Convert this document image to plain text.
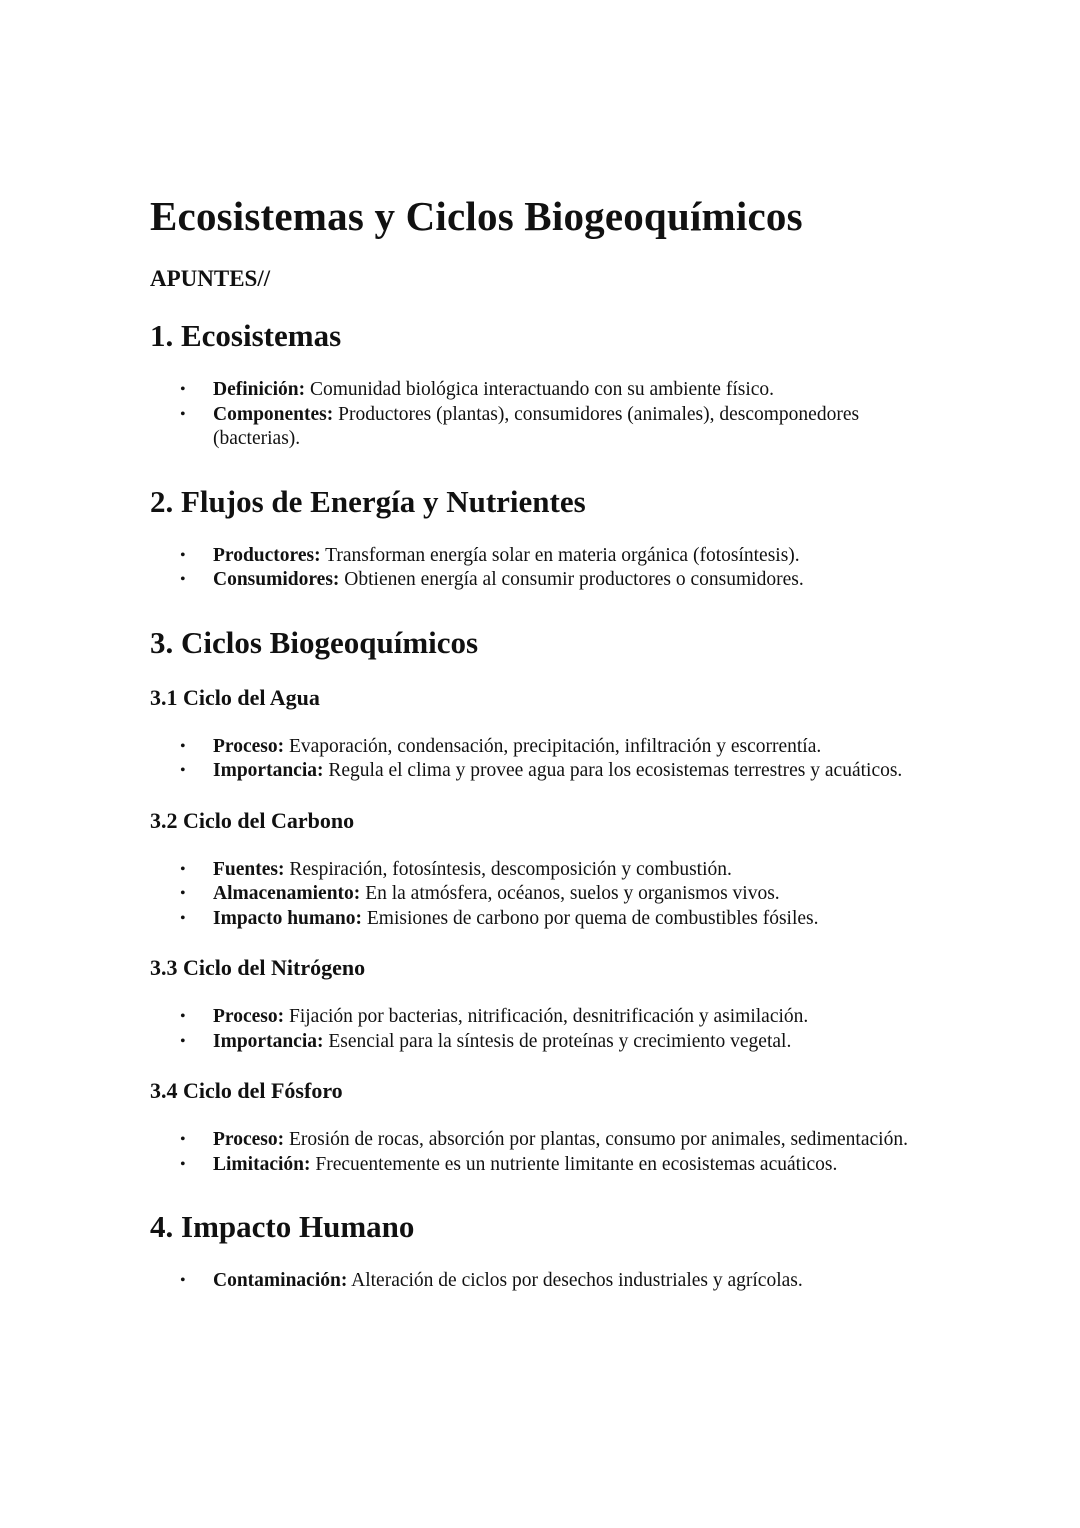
Ecosistemas y Ciclos Biogeoquímicos
APUNTES//
1. Ecosistemas
• Definición: Comunidad biológica interactuando con su ambiente físico.
• Componentes: Productores (plantas), consumidores (animales), descomponedores (bacterias).
2. Flujos de Energía y Nutrientes
• Productores: Transforman energía solar en materia orgánica (fotosíntesis).
• Consumidores: Obtienen energía al consumir productores o consumidores.
3. Ciclos Biogeoquímicos
3.1 Ciclo del Agua
• Proceso: Evaporación, condensación, precipitación, infiltración y escorrentía.
• Importancia: Regula el clima y provee agua para los ecosistemas terrestres y acuáticos.
3.2 Ciclo del Carbono
• Fuentes: Respiración, fotosíntesis, descomposición y combustión.
• Almacenamiento: En la atmósfera, océanos, suelos y organismos vivos.
• Impacto humano: Emisiones de carbono por quema de combustibles fósiles.
3.3 Ciclo del Nitrógeno
• Proceso: Fijación por bacterias, nitrificación, desnitrificación y asimilación.
• Importancia: Esencial para la síntesis de proteínas y crecimiento vegetal.
3.4 Ciclo del Fósforo
• Proceso: Erosión de rocas, absorción por plantas, consumo por animales, sedimentación.
• Limitación: Frecuentemente es un nutriente limitante en ecosistemas acuáticos.
4. Impacto Humano
• Contaminación: Alteración de ciclos por desechos industriales y agrícolas.
